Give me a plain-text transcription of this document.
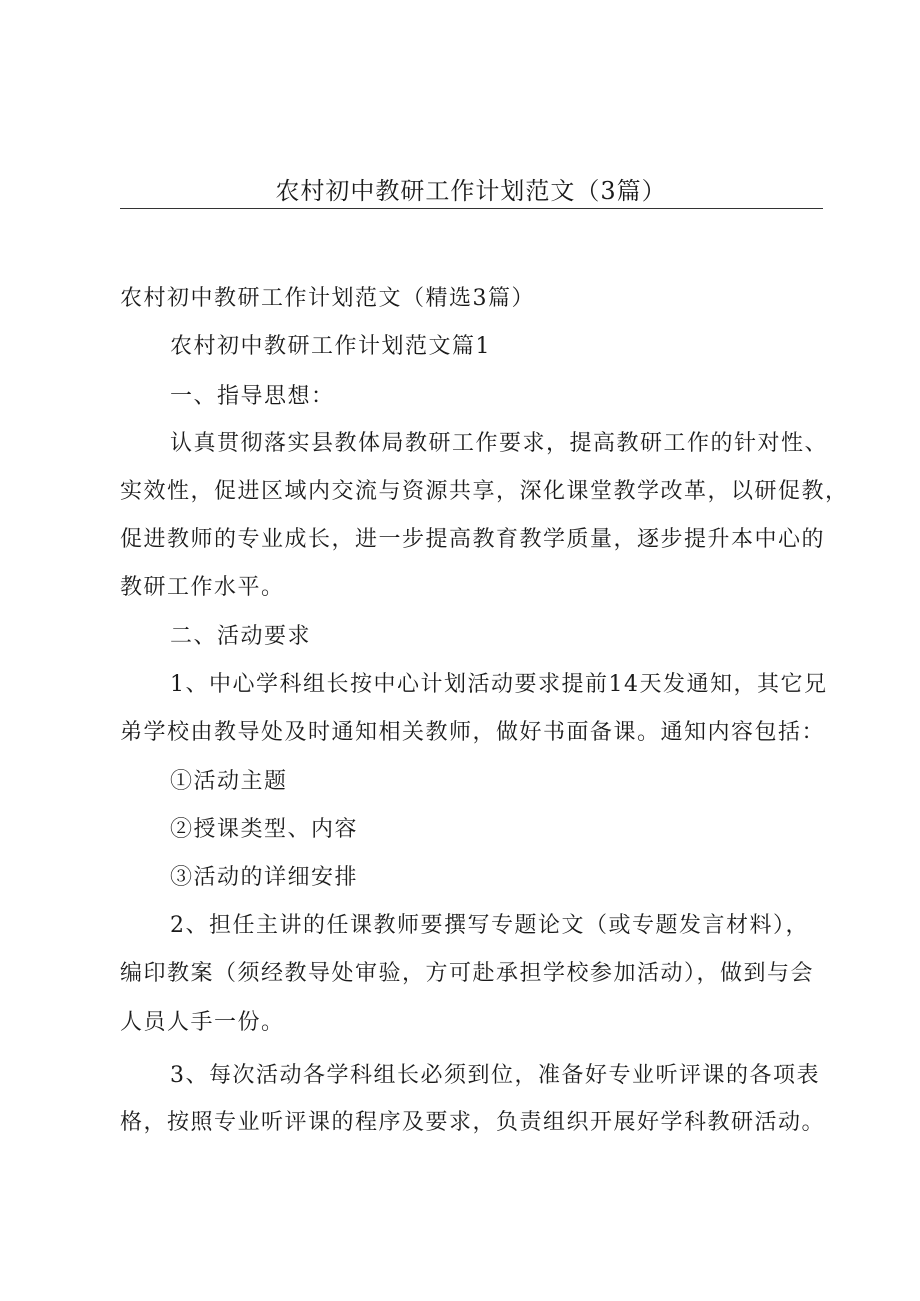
农村初中教研工作计划范文（3篇）
农村初中教研工作计划范文（精选3篇）
农村初中教研工作计划范文篇1
一、指导思想：
认真贯彻落实县教体局教研工作要求，提高教研工作的针对性、
实效性，促进区域内交流与资源共享，深化课堂教学改革，以研促教，
促进教师的专业成长，进一步提高教育教学质量，逐步提升本中心的
教研工作水平。
二、活动要求
1、中心学科组长按中心计划活动要求提前14天发通知，其它兄
弟学校由教导处及时通知相关教师，做好书面备课。通知内容包括：
①活动主题
②授课类型、内容
③活动的详细安排
2、担任主讲的任课教师要撰写专题论文（或专题发言材料），
编印教案（须经教导处审验，方可赴承担学校参加活动），做到与会
人员人手一份。
3、每次活动各学科组长必须到位，准备好专业听评课的各项表
格，按照专业听评课的程序及要求，负责组织开展好学科教研活动。
